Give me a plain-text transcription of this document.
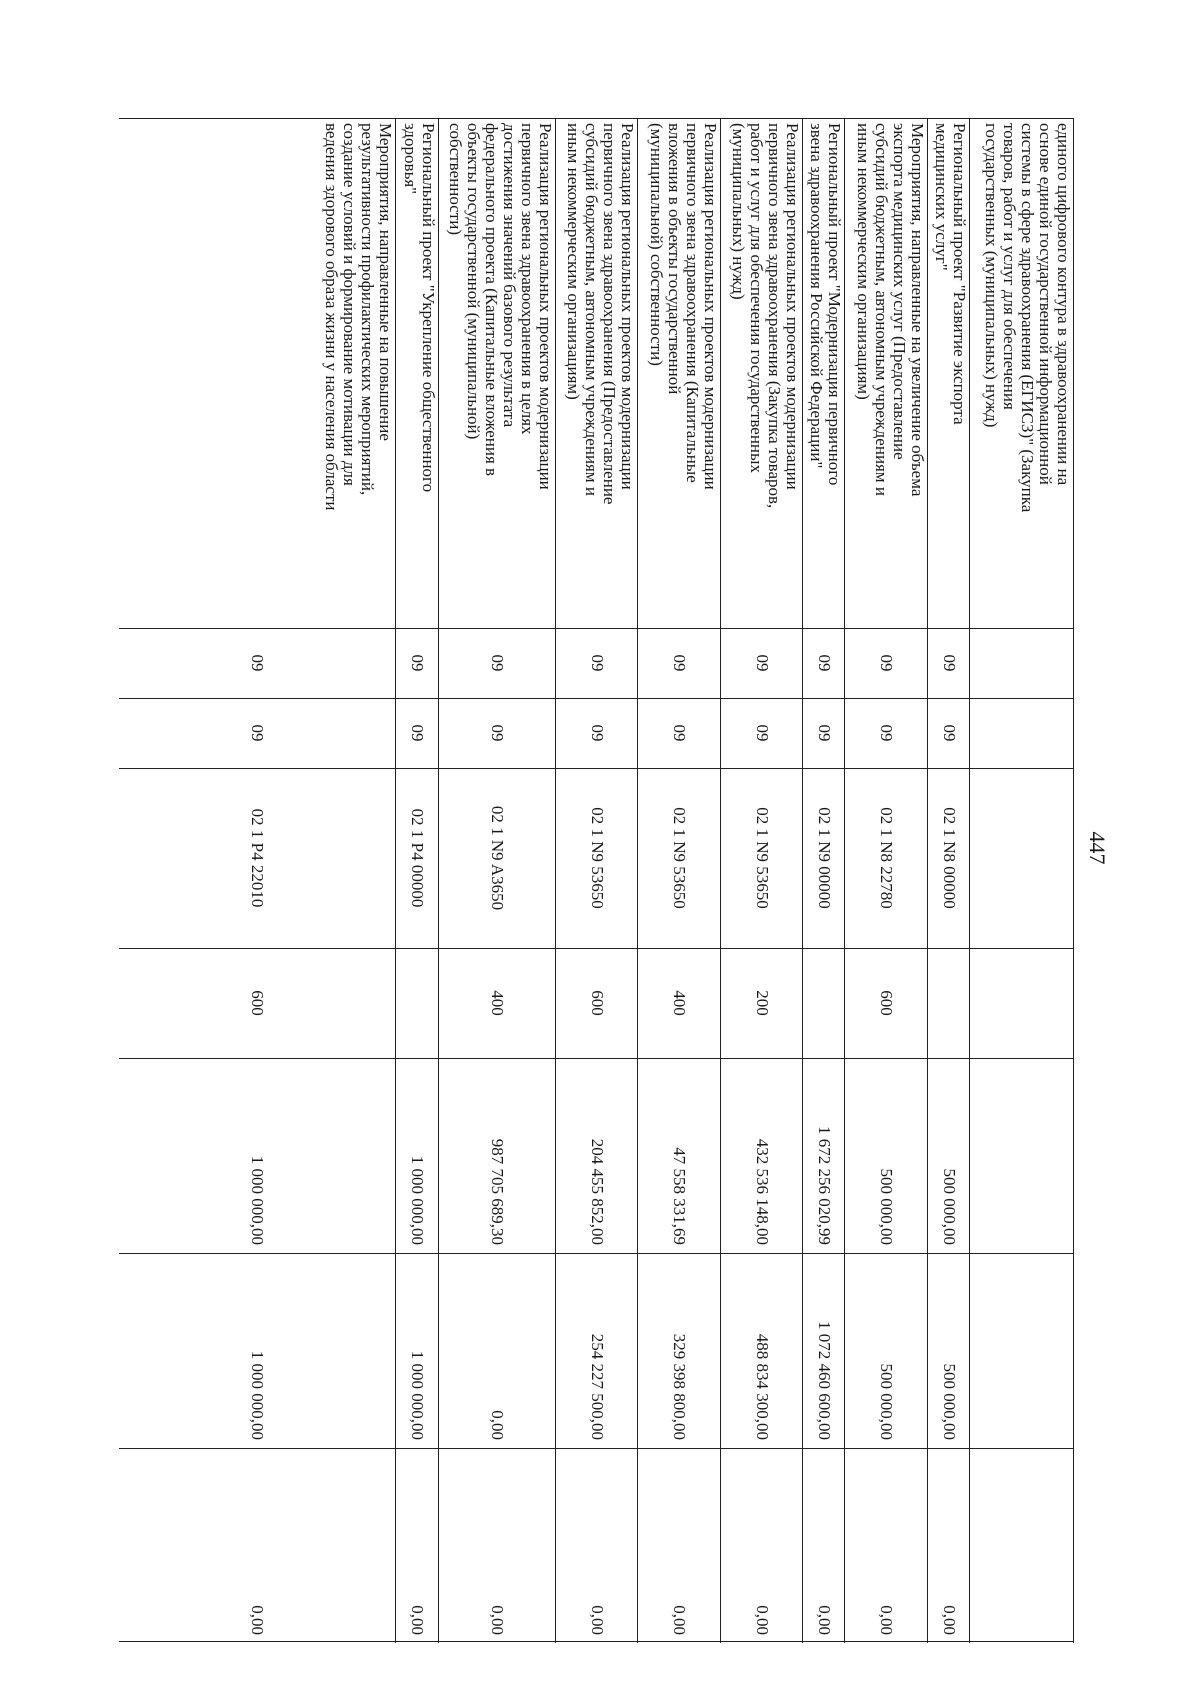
447
единого цифрового контура в здравоохранении на
основе единой государственной информационной
системы в сфере здравоохранения (ЕГИСЗ)" (Закупка
товаров, работ и услуг для обеспечения
государственных (муниципальных) нужд)
Региональный проект "Развитие экспорта
медицинских услуг"
09
09
02 1 N8 00000
500 000,00
500 000,00
0,00
Мероприятия, направленные на увеличение объема
экспорта медицинских услуг (Предоставление
субсидий бюджетным, автономным учреждениям и
иным некоммерческим организациям)
09
09
02 1 N8 22780
600
500 000,00
500 000,00
0,00
Региональный проект "Модернизация первичного
звена здравоохранения Российской Федерации"
09
09
02 1 N9 00000
1 672 256 020,99
1 072 460 600,00
0,00
Реализация региональных проектов модернизации
первичного звена здравоохранения (Закупка товаров,
работ и услуг для обеспечения государственных
(муниципальных) нужд)
09
09
02 1 N9 53650
200
432 536 148,00
488 834 300,00
0,00
Реализация региональных проектов модернизации
первичного звена здравоохранения (Капитальные
вложения в объекты государственной
(муниципальной) собственности)
09
09
02 1 N9 53650
400
47 558 331,69
329 398 800,00
0,00
Реализация региональных проектов модернизации
первичного звена здравоохранения (Предоставление
субсидий бюджетным, автономным учреждениям и
иным некоммерческим организациям)
09
09
02 1 N9 53650
600
204 455 852,00
254 227 500,00
0,00
Реализация региональных проектов модернизации
первичного звена здравоохранения в целях
достижения значений базового результата
федерального проекта (Капитальные вложения в
объекты государственной (муниципальной)
собственности)
09
09
02 1 N9 A3650
400
987 705 689,30
0,00
0,00
Региональный проект "Укрепление общественного
здоровья"
09
09
02 1 P4 00000
1 000 000,00
1 000 000,00
0,00
Мероприятия, направленные на повышение
результативности профилактических мероприятий,
создание условий и формирование мотивации для
ведения здорового образа жизни у населения области
09
09
02 1 P4 22010
600
1 000 000,00
1 000 000,00
0,00
